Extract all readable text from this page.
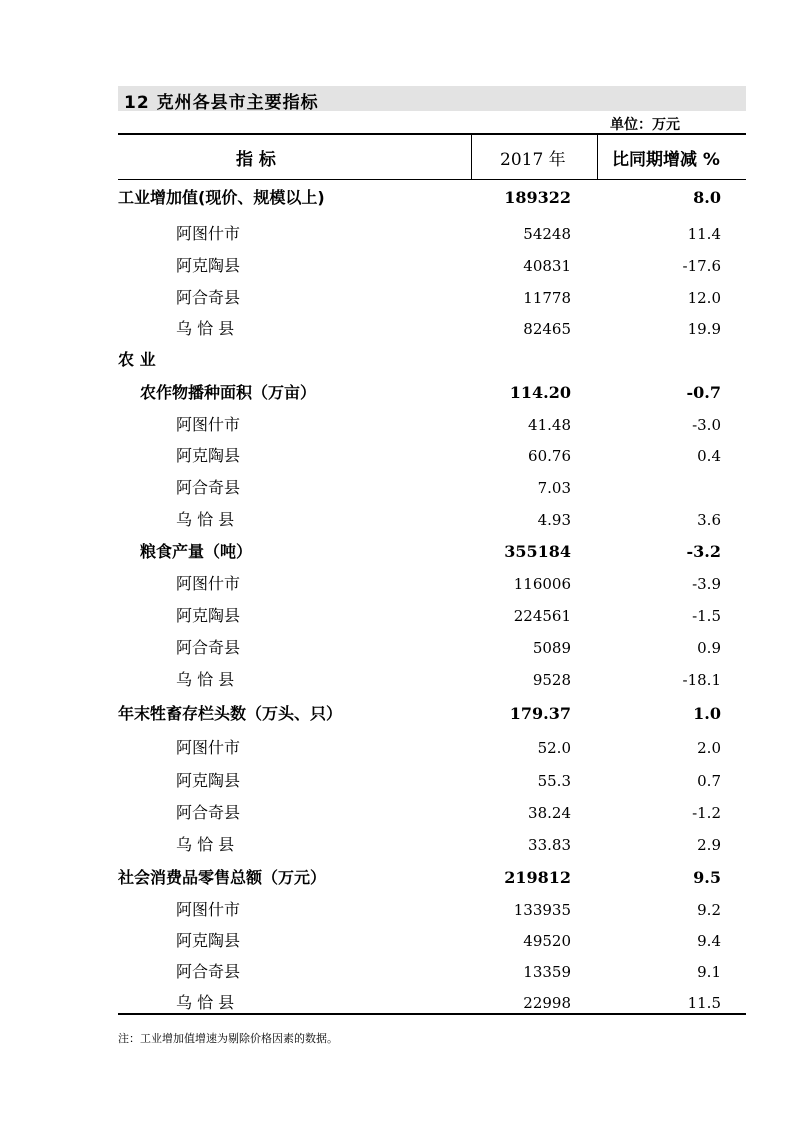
12 克州各县市主要指标
单位：万元
指 标	2017 年	比同期增减 %
工业增加值(现价、规模以上)	189322	8.0
阿图什市	54248	11.4
阿克陶县	40831	-17.6
阿合奇县	11778	12.0
乌 恰 县	82465	19.9
农 业
农作物播种面积（万亩）	114.20	-0.7
阿图什市	41.48	-3.0
阿克陶县	60.76	0.4
阿合奇县	7.03
乌 恰 县	4.93	3.6
粮食产量（吨）	355184	-3.2
阿图什市	116006	-3.9
阿克陶县	224561	-1.5
阿合奇县	5089	0.9
乌 恰 县	9528	-18.1
年末牲畜存栏头数（万头、只）	179.37	1.0
阿图什市	52.0	2.0
阿克陶县	55.3	0.7
阿合奇县	38.24	-1.2
乌 恰 县	33.83	2.9
社会消费品零售总额（万元）	219812	9.5
阿图什市	133935	9.2
阿克陶县	49520	9.4
阿合奇县	13359	9.1
乌 恰 县	22998	11.5
注：工业增加值增速为剔除价格因素的数据。
